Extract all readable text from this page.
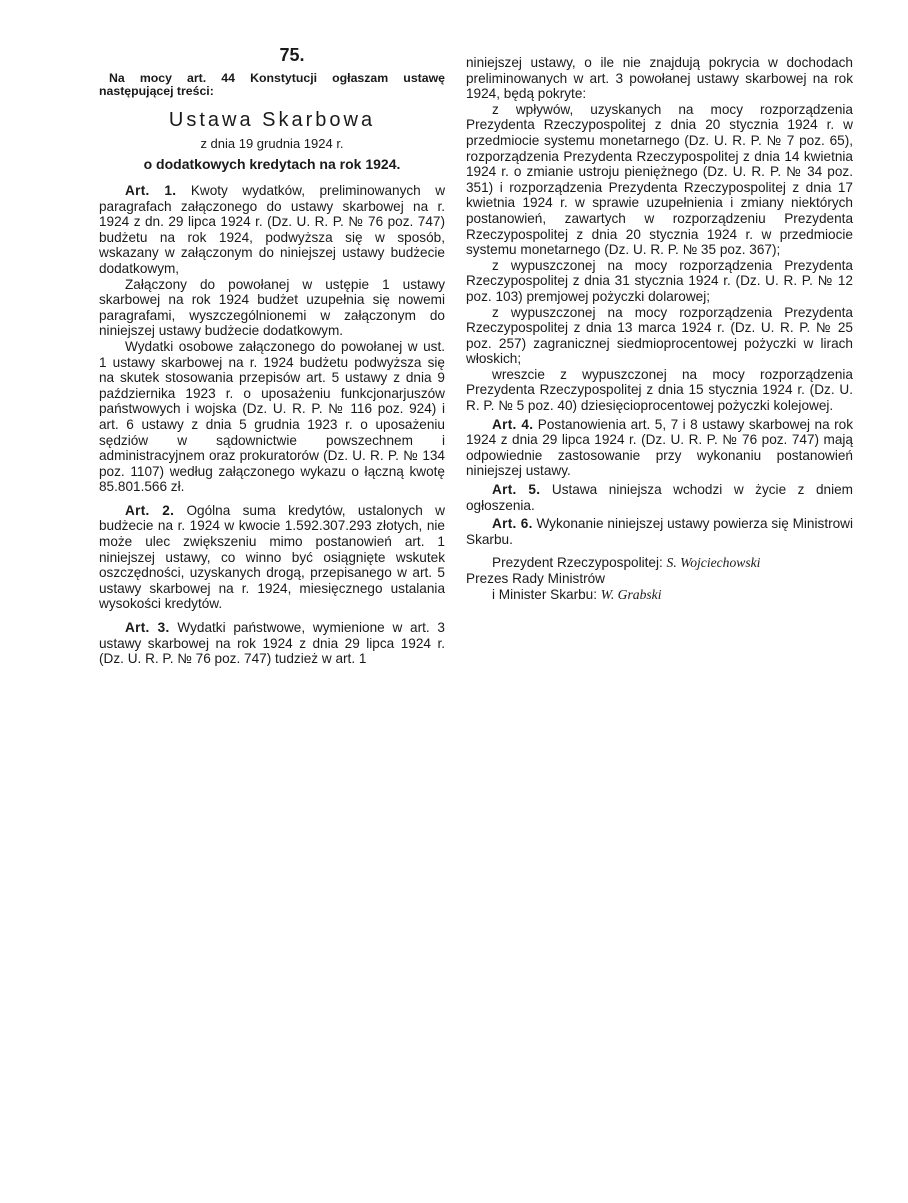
75.

Na mocy art. 44 Konstytucji ogłaszam ustawę następującej treści:

Ustawa Skarbowa
z dnia 19 grudnia 1924 r.
o dodatkowych kredytach na rok 1924.

Art. 1. Kwoty wydatków, preliminowanych w paragrafach załączonego do ustawy skarbowej na r. 1924 z dn. 29 lipca 1924 r. (Dz. U. R. P. № 76 poz. 747) budżetu na rok 1924, podwyższa się w sposób, wskazany w załączonym do niniejszej ustawy budżecie dodatkowym,

Załączony do powołanej w ustępie 1 ustawy skarbowej na rok 1924 budżet uzupełnia się nowemi paragrafami, wyszczególnionemi w załączonym do niniejszej ustawy budżecie dodatkowym.

Wydatki osobowe załączonego do powołanej w ust. 1 ustawy skarbowej na r. 1924 budżetu podwyższa się na skutek stosowania przepisów art. 5 ustawy z dnia 9 października 1923 r. o uposażeniu funkcjonarjuszów państwowych i wojska (Dz. U. R. P. № 116 poz. 924) i art. 6 ustawy z dnia 5 grudnia 1923 r. o uposażeniu sędziów w sądownictwie powszechnem i administracyjnem oraz prokuratorów (Dz. U. R. P. № 134 poz. 1107) według załączonego wykazu o łączną kwotę 85.801.566 zł.

Art. 2. Ogólna suma kredytów, ustalonych w budżecie na r. 1924 w kwocie 1.592.307.293 złotych, nie może ulec zwiększeniu mimo postanowień art. 1 niniejszej ustawy, co winno być osiągnięte wskutek oszczędności, uzyskanych drogą, przepisanego w art. 5 ustawy skarbowej na r. 1924, miesięcznego ustalania wysokości kredytów.

Art. 3. Wydatki państwowe, wymienione w art. 3 ustawy skarbowej na rok 1924 z dnia 29 lipca 1924 r. (Dz. U. R. P. № 76 poz. 747) tudzież w art. 1

niniejszej ustawy, o ile nie znajdują pokrycia w dochodach preliminowanych w art. 3 powołanej ustawy skarbowej na rok 1924, będą pokryte:

z wpływów, uzyskanych na mocy rozporządzenia Prezydenta Rzeczypospolitej z dnia 20 stycznia 1924 r. w przedmiocie systemu monetarnego (Dz. U. R. P. № 7 poz. 65), rozporządzenia Prezydenta Rzeczypospolitej z dnia 14 kwietnia 1924 r. o zmianie ustroju pieniężnego (Dz. U. R. P. № 34 poz. 351) i rozporządzenia Prezydenta Rzeczypospolitej z dnia 17 kwietnia 1924 r. w sprawie uzupełnienia i zmiany niektórych postanowień, zawartych w rozporządzeniu Prezydenta Rzeczypospolitej z dnia 20 stycznia 1924 r. w przedmiocie systemu monetarnego (Dz. U. R. P. № 35 poz. 367);

z wypuszczonej na mocy rozporządzenia Prezydenta Rzeczypospolitej z dnia 31 stycznia 1924 r. (Dz. U. R. P. № 12 poz. 103) premjowej pożyczki dolarowej;

z wypuszczonej na mocy rozporządzenia Prezydenta Rzeczypospolitej z dnia 13 marca 1924 r. (Dz. U. R. P. № 25 poz. 257) zagranicznej siedmioprocentowej pożyczki w lirach włoskich;

wreszcie z wypuszczonej na mocy rozporządzenia Prezydenta Rzeczypospolitej z dnia 15 stycznia 1924 r. (Dz. U. R. P. № 5 poz. 40) dziesięcioprocentowej pożyczki kolejowej.

Art. 4. Postanowienia art. 5, 7 i 8 ustawy skarbowej na rok 1924 z dnia 29 lipca 1924 r. (Dz. U. R. P. № 76 poz. 747) mają odpowiednie zastosowanie przy wykonaniu postanowień niniejszej ustawy.

Art. 5. Ustawa niniejsza wchodzi w życie z dniem ogłoszenia.

Art. 6. Wykonanie niniejszej ustawy powierza się Ministrowi Skarbu.

Prezydent Rzeczypospolitej: S. Wojciechowski
Prezes Rady Ministrów
i Minister Skarbu: W. Grabski
